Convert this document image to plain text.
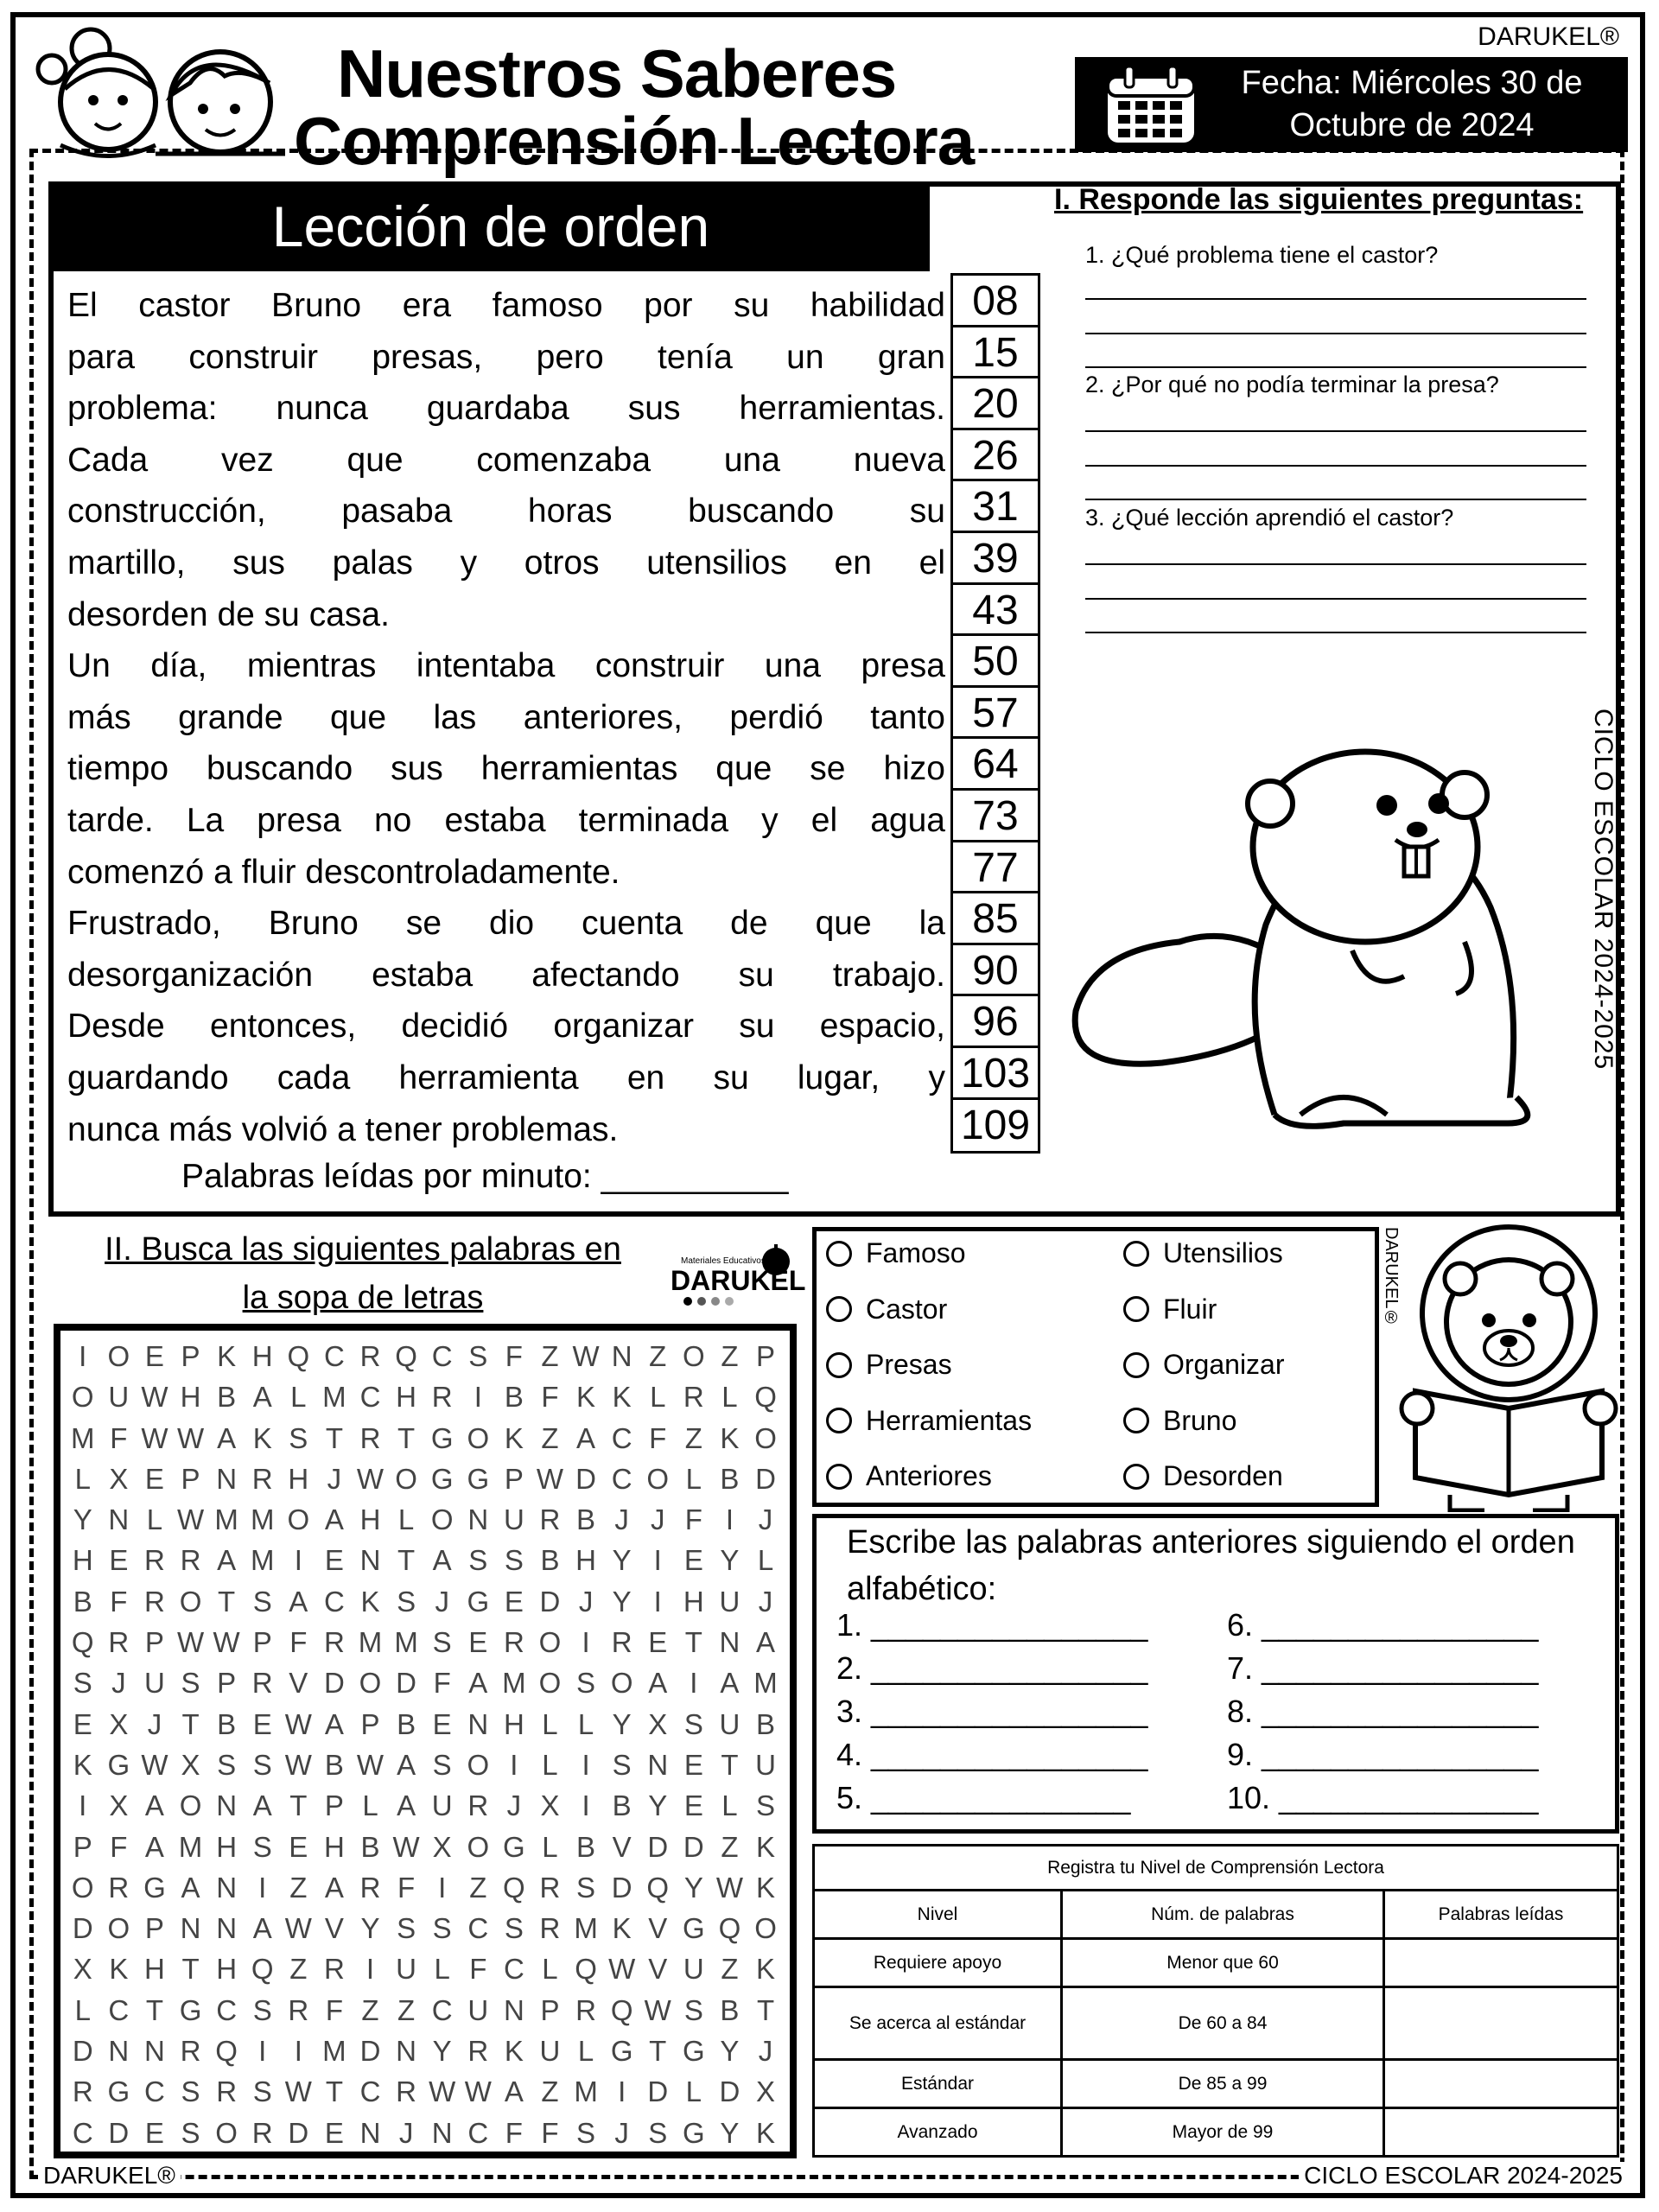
DARUKEL®
Nuestros Saberes
Comprensión Lectora
Fecha: Miércoles 30 de Octubre de 2024
Lección de orden
El castor Bruno era famoso por su habilidad
para construir presas, pero tenía un gran
problema: nunca guardaba sus herramientas.
Cada vez que comenzaba una nueva
construcción, pasaba horas buscando su
martillo, sus palas y otros utensilios en el
desorden de su casa.
Un día, mientras intentaba construir una presa
más grande que las anteriores, perdió tanto
tiempo buscando sus herramientas que se hizo
tarde. La presa no estaba terminada y el agua
comenzó a fluir descontroladamente.
Frustrado, Bruno se dio cuenta de que la
desorganización estaba afectando su trabajo.
Desde entonces, decidió organizar su espacio,
guardando cada herramienta en su lugar, y
nunca más volvió a tener problemas.
08
15
20
26
31
39
43
50
57
64
73
77
85
90
96
103
109
Palabras leídas por minuto: __________
I. Responde las siguientes preguntas:
1. ¿Qué problema tiene el castor?
2. ¿Por qué no podía terminar la presa?
3. ¿Qué lección aprendió el castor?
CICLO ESCOLAR 2024-2025
II. Busca las siguientes palabras en
la sopa de letras
Materiales Educativos
DARUKEL
I O E P K H Q C R Q C S F Z W N Z O Z P
O U W H B A L M C H R I B F K K L R L Q
M F W W A K S T R T G O K Z A C F Z K O
L X E P N R H J W O G G P W D C O L B D
Y N L W M M O A H L O N U R B J J F I J
H E R R A M I E N T A S S B H Y I E Y L
B F R O T S A C K S J G E D J Y I H U J
Q R P W W P F R M M S E R O I R E T N A
S J U S P R V D O D F A M O S O A I A M
E X J T B E W A P B E N H L L Y X S U B
K G W X S S W B W A S O I L I S N E T U
I X A O N A T P L A U R J X I B Y E L S
P F A M H S E H B W X O G L B V D D Z K
O R G A N I Z A R F I Z Q R S D Q Y W K
D O P N N A W V Y S S C S R M K V G Q O
X K H T H Q Z R I U L F C L Q W V U Z K
L C T G C S R F Z Z C U N P R Q W S B T
D N N R Q I I M D N Y R K U L G T G Y J
R G C S R S W T C R W W A Z M I D L D X
C D E S O R D E N J N C F F S J S G Y K
Famoso
Castor
Presas
Herramientas
Anteriores
Utensilios
Fluir
Organizar
Bruno
Desorden
DARUKEL®
Escribe las palabras anteriores siguiendo el orden alfabético:
1. ________________
2. ________________
3. ________________
4. ________________
5. _______________
6. ________________
7. ________________
8. ________________
9. ________________
10. _______________
Registra tu Nivel de Comprensión Lectora		
Nivel	Núm. de palabras	Palabras leídas
Requiere apoyo	Menor que 60	
Se acerca al estándar	De 60 a 84	
Estándar	De 85 a 99	
Avanzado	Mayor de 99	
DARUKEL®	CICLO ESCOLAR 2024-2025
